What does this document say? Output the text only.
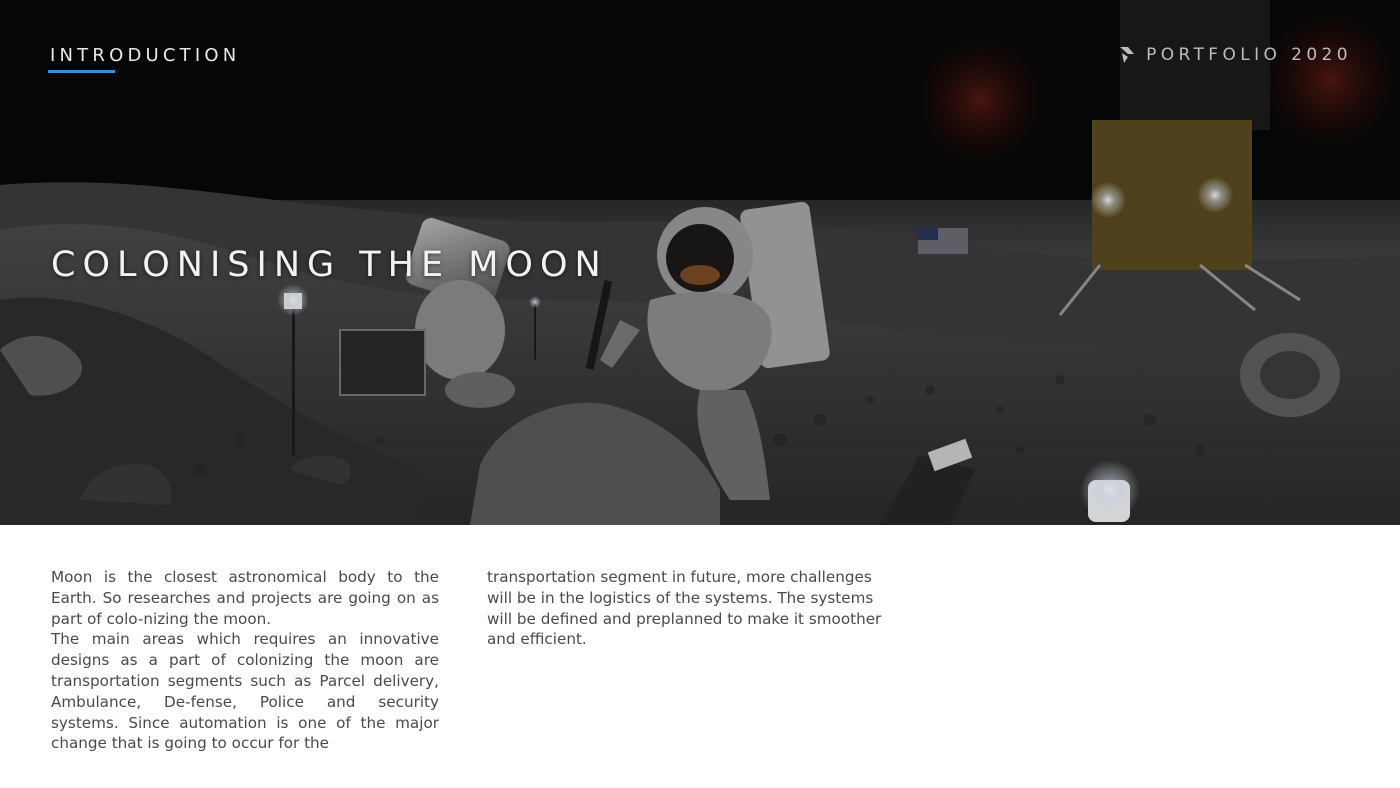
INTRODUCTION	PORTFOLIO 2020
COLONISING THE MOON

Moon is the closest astronomical body to the Earth. So researches and projects are going on as part of colo-nizing the moon.

The main areas which requires an innovative designs as a part of colonizing the moon are transportation segments such as Parcel delivery, Ambulance, De-fense, Police and security systems. Since automation is one of the major change that is going to occur for the

transportation segment in future, more challenges will be in the logistics of the systems. The systems will be defined and preplanned to make it smoother and efficient.
